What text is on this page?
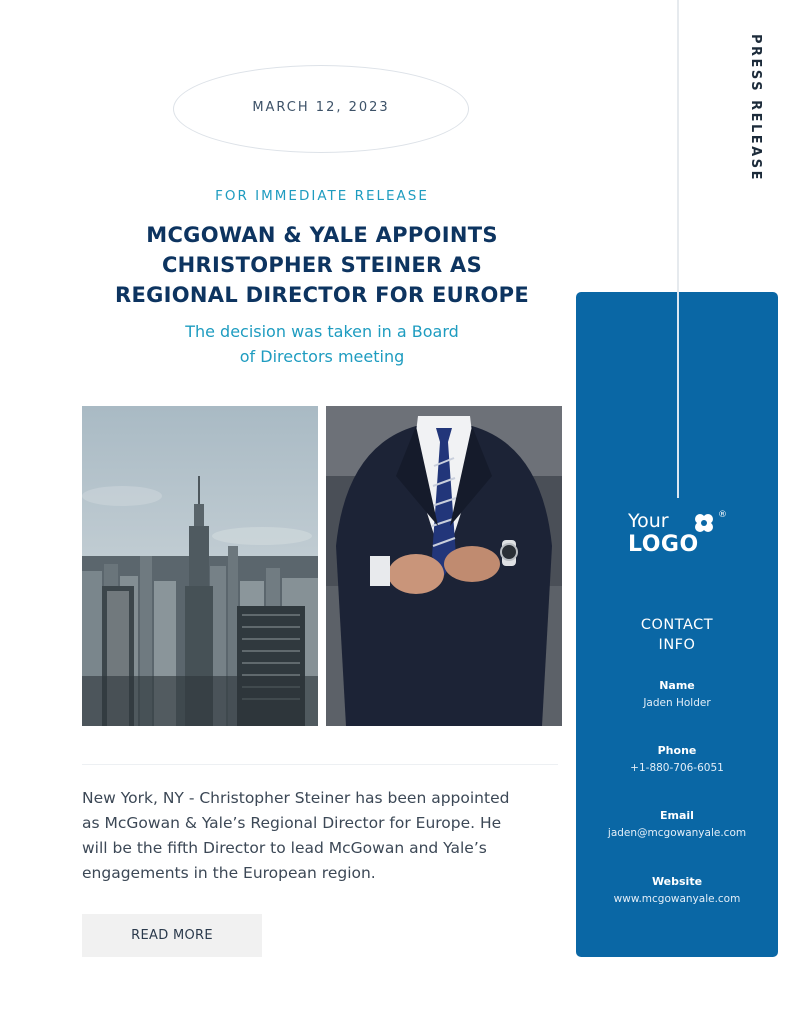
PRESS RELEASE
MARCH 12, 2023
FOR IMMEDIATE RELEASE
MCGOWAN & YALE APPOINTS
CHRISTOPHER STEINER AS
REGIONAL DIRECTOR FOR EUROPE
The decision was taken in a Board
of Directors meeting

New York, NY - Christopher Steiner has been appointed
as McGowan & Yale’s Regional Director for Europe. He
will be the fifth Director to lead McGowan and Yale’s
engagements in the European region.

READ MORE
Your	®
LOGO
CONTACT
INFO
Name
Jaden Holder
Phone
+1-880-706-6051
Email
jaden@mcgowanyale.com
Website
www.mcgowanyale.com
